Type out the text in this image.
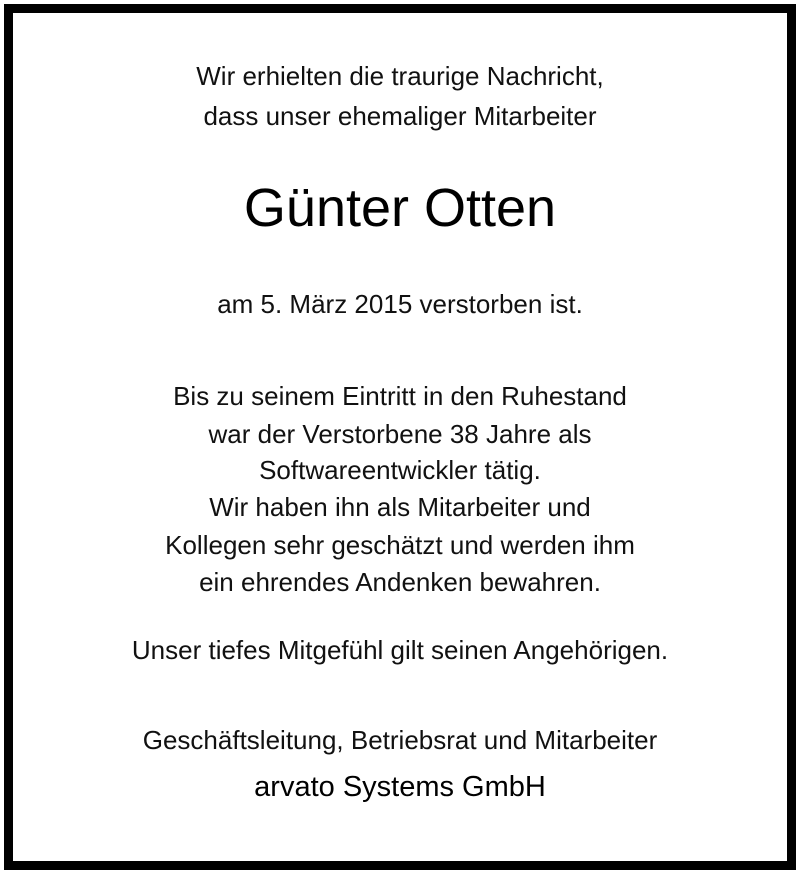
Wir erhielten die traurige Nachricht,
dass unser ehemaliger Mitarbeiter
Günter Otten
am 5. März 2015 verstorben ist.
Bis zu seinem Eintritt in den Ruhestand
war der Verstorbene 38 Jahre als
Softwareentwickler tätig.
Wir haben ihn als Mitarbeiter und
Kollegen sehr geschätzt und werden ihm
ein ehrendes Andenken bewahren.
Unser tiefes Mitgefühl gilt seinen Angehörigen.
Geschäftsleitung, Betriebsrat und Mitarbeiter
arvato Systems GmbH
